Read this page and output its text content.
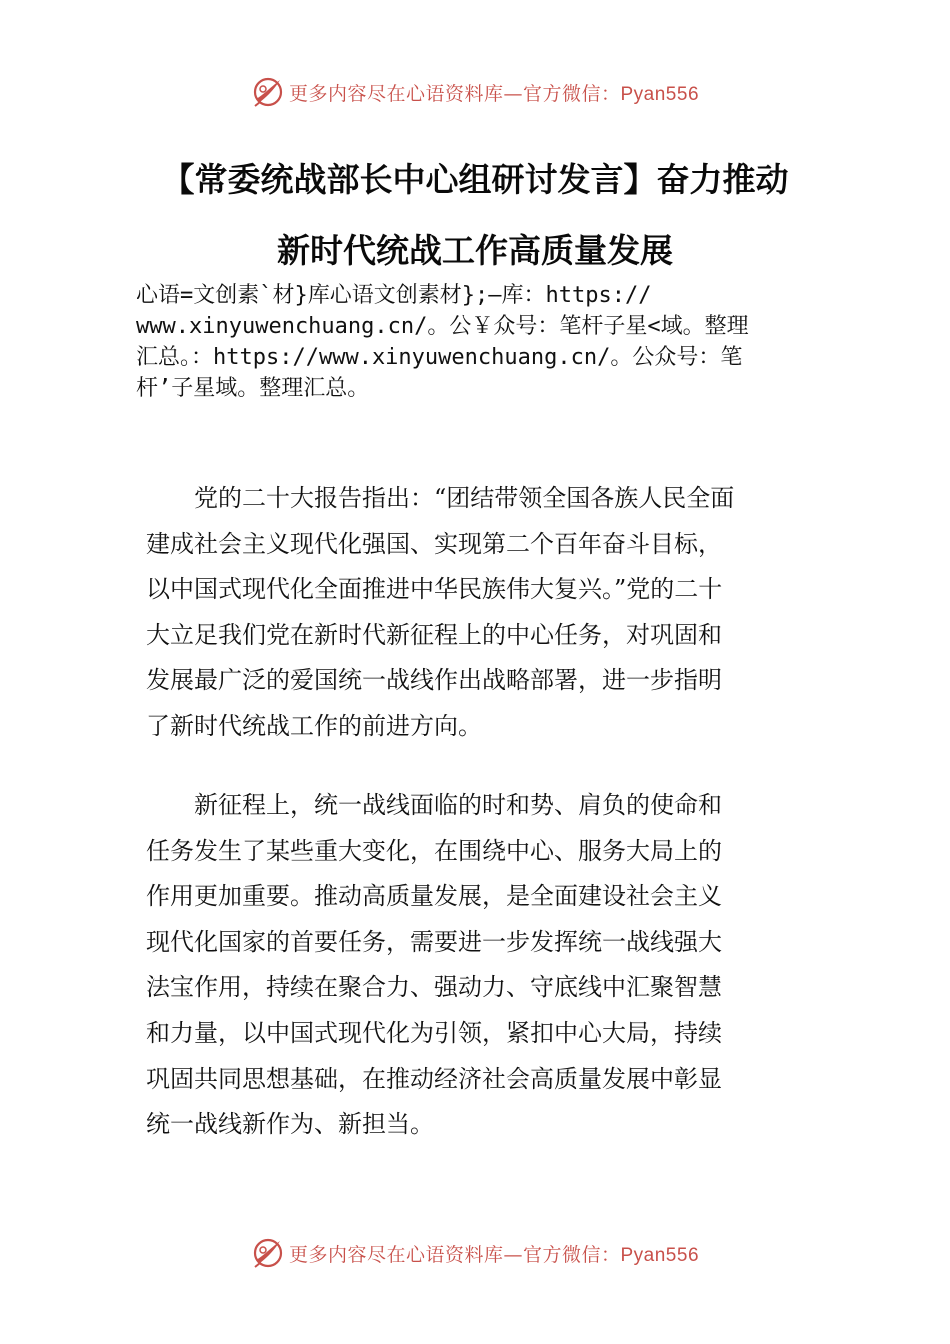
更多内容尽在心语资料库—官方微信：Pyan556
【常委统战部长中心组研讨发言】奋力推动
新时代统战工作高质量发展
心语=文创素`材}库心语文创素材};—库：https://
www.xinyuwenchuang.cn/。公￥众号：笔杆子星<域。整理
汇总。：https://www.xinyuwenchuang.cn/。公众号：笔
杆’子星域。整理汇总。
　　党的二十大报告指出：“团结带领全国各族人民全面
建成社会主义现代化强国、实现第二个百年奋斗目标，
以中国式现代化全面推进中华民族伟大复兴。”党的二十
大立足我们党在新时代新征程上的中心任务，对巩固和
发展最广泛的爱国统一战线作出战略部署，进一步指明
了新时代统战工作的前进方向。
　　新征程上，统一战线面临的时和势、肩负的使命和
任务发生了某些重大变化，在围绕中心、服务大局上的
作用更加重要。推动高质量发展，是全面建设社会主义
现代化国家的首要任务，需要进一步发挥统一战线强大
法宝作用，持续在聚合力、强动力、守底线中汇聚智慧
和力量，以中国式现代化为引领，紧扣中心大局，持续
巩固共同思想基础，在推动经济社会高质量发展中彰显
统一战线新作为、新担当。
更多内容尽在心语资料库—官方微信：Pyan556
